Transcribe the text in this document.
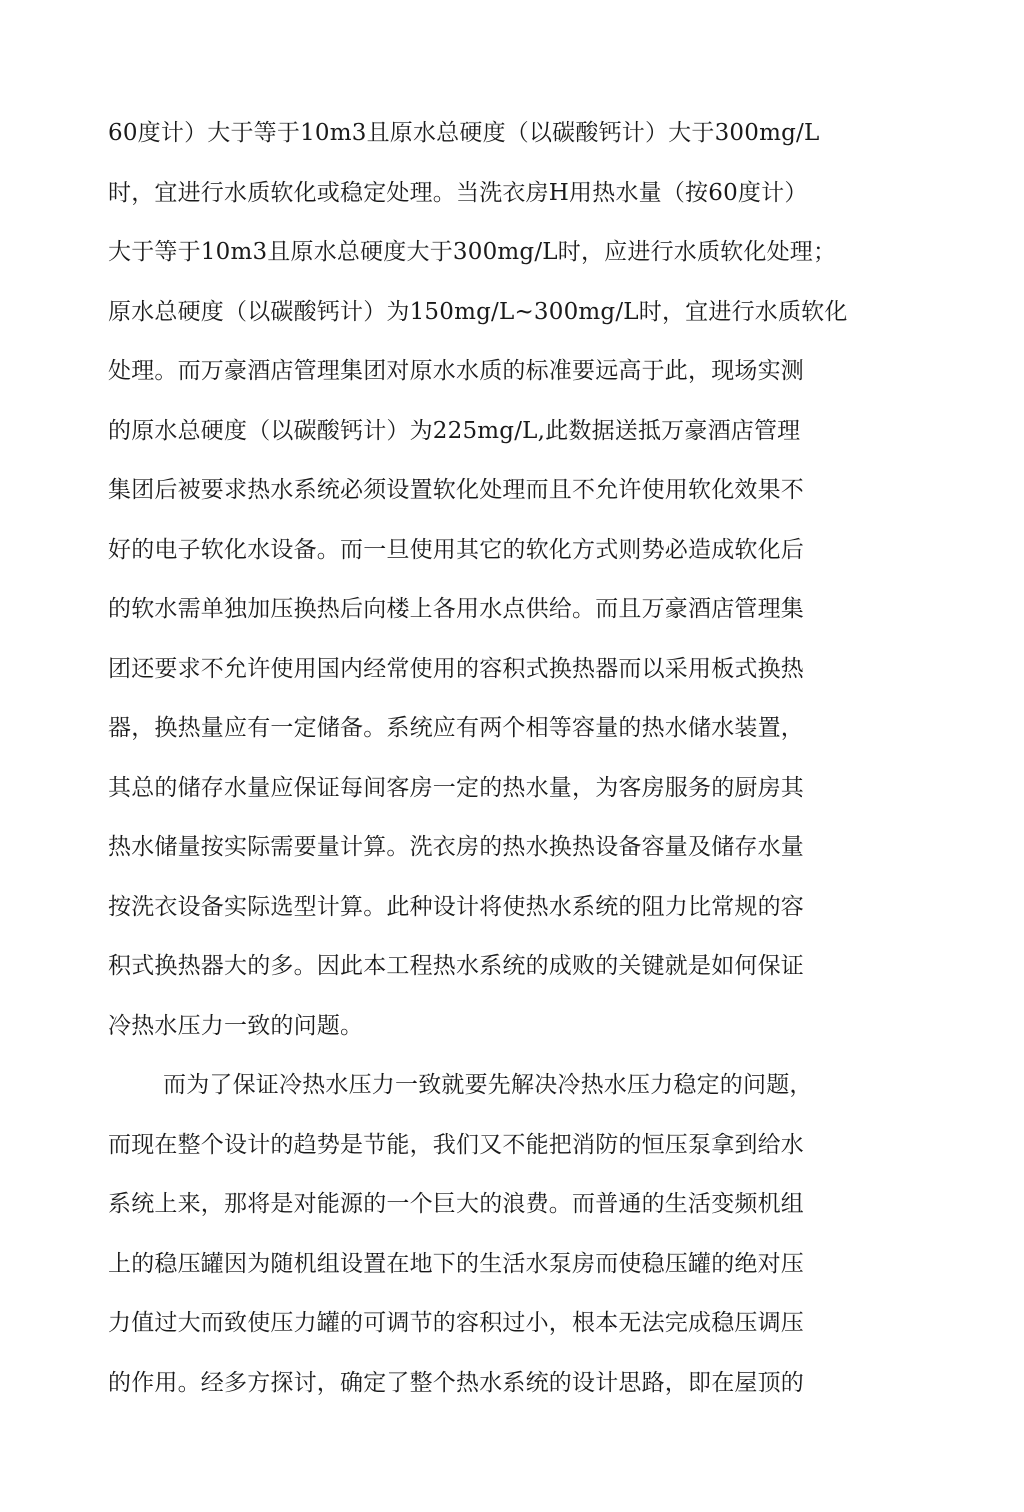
60度计）大于等于10m3且原水总硬度（以碳酸钙计）大于300mg/L
时，宜进行水质软化或稳定处理。当洗衣房H用热水量（按60度计）
大于等于10m3且原水总硬度大于300mg/L时，应进行水质软化处理；
原水总硬度（以碳酸钙计）为150mg/L~300mg/L时，宜进行水质软化
处理。而万豪酒店管理集团对原水水质的标准要远高于此，现场实测
的原水总硬度（以碳酸钙计）为225mg/L,此数据送抵万豪酒店管理
集团后被要求热水系统必须设置软化处理而且不允许使用软化效果不
好的电子软化水设备。而一旦使用其它的软化方式则势必造成软化后
的软水需单独加压换热后向楼上各用水点供给。而且万豪酒店管理集
团还要求不允许使用国内经常使用的容积式换热器而以采用板式换热
器，换热量应有一定储备。系统应有两个相等容量的热水储水装置，
其总的储存水量应保证每间客房一定的热水量，为客房服务的厨房其
热水储量按实际需要量计算。洗衣房的热水换热设备容量及储存水量
按洗衣设备实际选型计算。此种设计将使热水系统的阻力比常规的容
积式换热器大的多。因此本工程热水系统的成败的关键就是如何保证
冷热水压力一致的问题。
而为了保证冷热水压力一致就要先解决冷热水压力稳定的问题，
而现在整个设计的趋势是节能，我们又不能把消防的恒压泵拿到给水
系统上来，那将是对能源的一个巨大的浪费。而普通的生活变频机组
上的稳压罐因为随机组设置在地下的生活水泵房而使稳压罐的绝对压
力值过大而致使压力罐的可调节的容积过小，根本无法完成稳压调压
的作用。经多方探讨，确定了整个热水系统的设计思路，即在屋顶的
